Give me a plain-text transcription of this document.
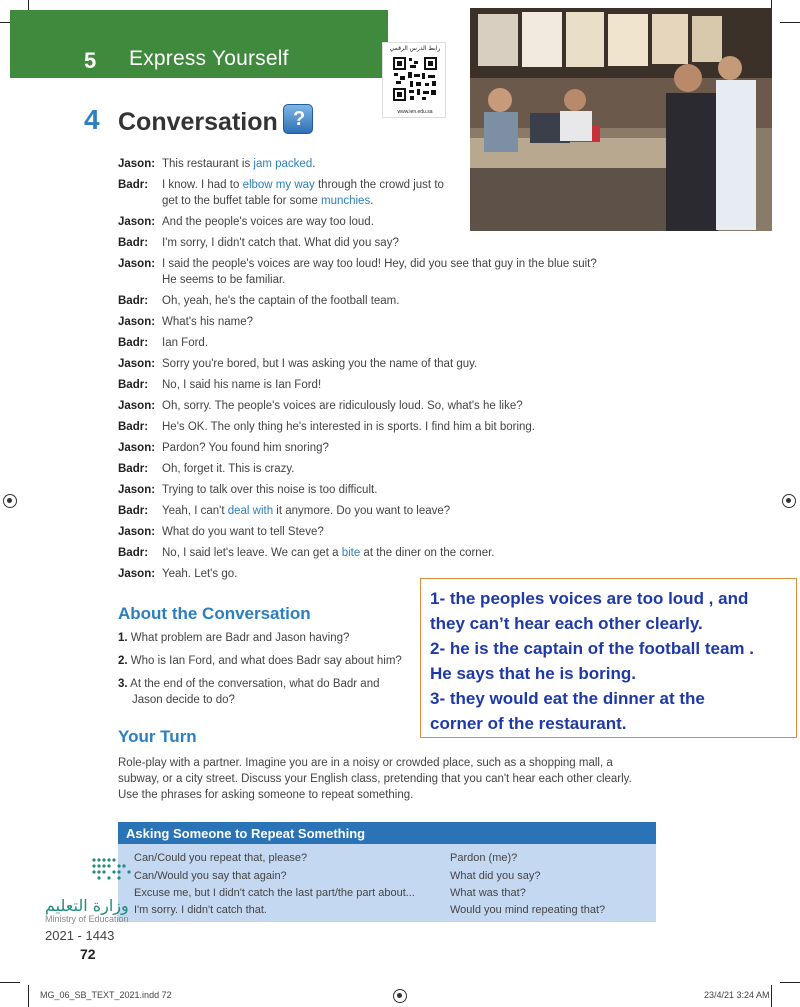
5 Express Yourself	رابط الدرس الرقمي
www.ien.edu.sa
4 Conversation ?
Jason: This restaurant is jam packed.
Badr: I know. I had to elbow my way through the crowd just to
get to the buffet table for some munchies.
Jason: And the people's voices are way too loud.
Badr: I'm sorry, I didn't catch that. What did you say?
Jason: I said the people's voices are way too loud! Hey, did you see that guy in the blue suit?
He seems to be familiar.
Badr: Oh, yeah, he's the captain of the football team.
Jason: What's his name?
Badr: Ian Ford.
Jason: Sorry you're bored, but I was asking you the name of that guy.
Badr: No, I said his name is Ian Ford!
Jason: Oh, sorry. The people's voices are ridiculously loud. So, what's he like?
Badr: He's OK. The only thing he's interested in is sports. I find him a bit boring.
Jason: Pardon? You found him snoring?
Badr: Oh, forget it. This is crazy.
Jason: Trying to talk over this noise is too difficult.
Badr: Yeah, I can't deal with it anymore. Do you want to leave?
Jason: What do you want to tell Steve?
Badr: No, I said let's leave. We can get a bite at the diner on the corner.
Jason: Yeah. Let's go.
About the Conversation
1. What problem are Badr and Jason having?
2. Who is Ian Ford, and what does Badr say about him?
3. At the end of the conversation, what do Badr and
Jason decide to do?
1- the peoples voices are too loud , and
they can’t hear each other clearly.
2- he is the captain of the football team .
He says that he is boring.
3- they would eat the dinner at the
corner of the restaurant.
Your Turn
Role-play with a partner. Imagine you are in a noisy or crowded place, such as a shopping mall, a
subway, or a city street. Discuss your English class, pretending that you can't hear each other clearly.
Use the phrases for asking someone to repeat something.
Asking Someone to Repeat Something
Can/Could you repeat that, please?
Can/Would you say that again?
Excuse me, but I didn't catch the last part/the part about...
I'm sorry. I didn't catch that.
Pardon (me)?
What did you say?
What was that?
Would you mind repeating that?
وزارة التعليم
Ministry of Education
2021 - 1443
72
MG_06_SB_TEXT_2021.indd 72	23/4/21 3:24 AM
